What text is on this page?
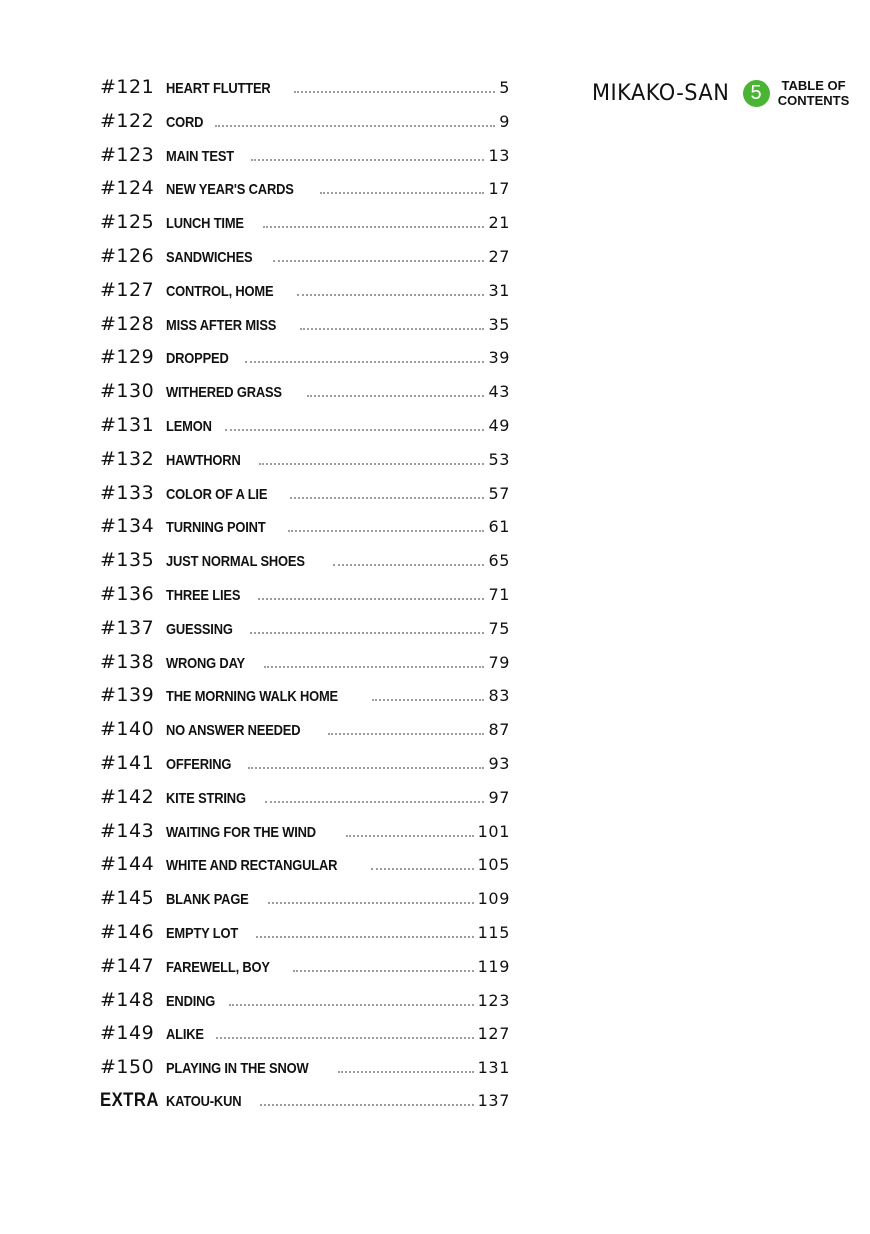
MIKAKO-SAN	5	TABLE OF
CONTENTS
#121 HEART FLUTTER	5
#122 CORD	9
#123 MAIN TEST	13
#124 NEW YEAR'S CARDS	17
#125 LUNCH TIME	21
#126 SANDWICHES	27
#127 CONTROL, HOME	31
#128 MISS AFTER MISS	35
#129 DROPPED	39
#130 WITHERED GRASS	43
#131 LEMON	49
#132 HAWTHORN	53
#133 COLOR OF A LIE	57
#134 TURNING POINT	61
#135 JUST NORMAL SHOES	65
#136 THREE LIES	71
#137 GUESSING	75
#138 WRONG DAY	79
#139 THE MORNING WALK HOME	83
#140 NO ANSWER NEEDED	87
#141 OFFERING	93
#142 KITE STRING	97
#143 WAITING FOR THE WIND	101
#144 WHITE AND RECTANGULAR	105
#145 BLANK PAGE	109
#146 EMPTY LOT	115
#147 FAREWELL, BOY	119
#148 ENDING	123
#149 ALIKE	127
#150 PLAYING IN THE SNOW	131
EXTRA KATOU-KUN	137
